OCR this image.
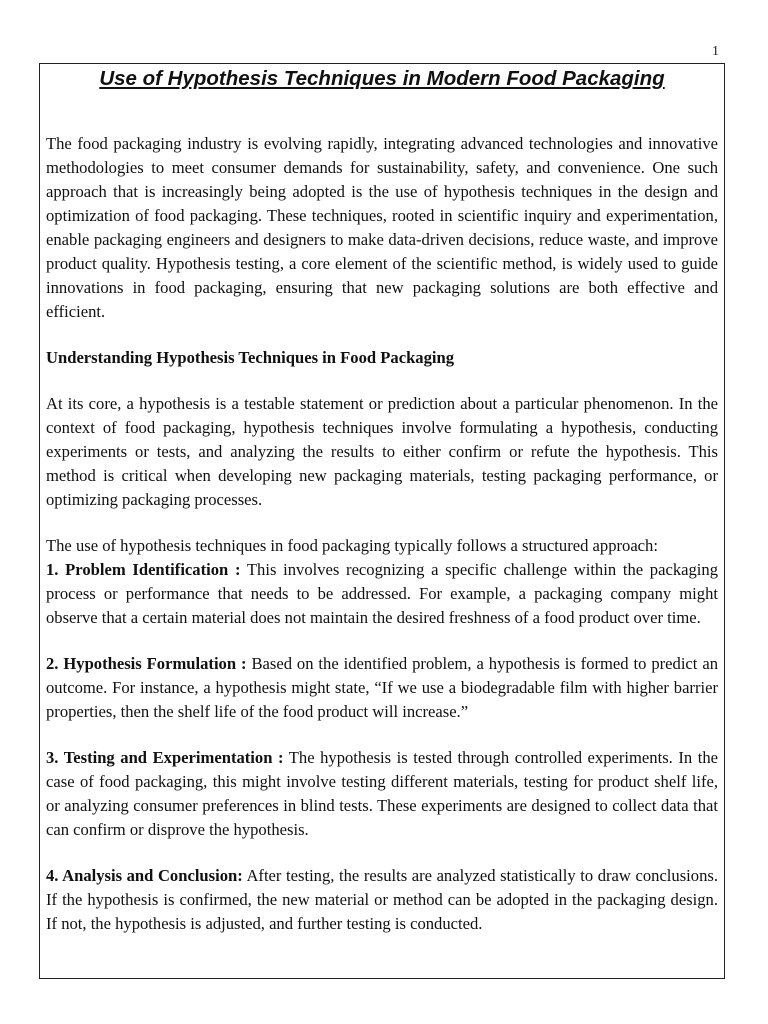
1
Use of Hypothesis Techniques in Modern Food Packaging

The food packaging industry is evolving rapidly, integrating advanced technologies and innovative methodologies to meet consumer demands for sustainability, safety, and convenience. One such approach that is increasingly being adopted is the use of hypothesis techniques in the design and optimization of food packaging. These techniques, rooted in scientific inquiry and experimentation, enable packaging engineers and designers to make data-driven decisions, reduce waste, and improve product quality. Hypothesis testing, a core element of the scientific method, is widely used to guide innovations in food packaging, ensuring that new packaging solutions are both effective and efficient.

Understanding Hypothesis Techniques in Food Packaging

At its core, a hypothesis is a testable statement or prediction about a particular phenomenon. In the context of food packaging, hypothesis techniques involve formulating a hypothesis, conducting experiments or tests, and analyzing the results to either confirm or refute the hypothesis. This method is critical when developing new packaging materials, testing packaging performance, or optimizing packaging processes.

The use of hypothesis techniques in food packaging typically follows a structured approach:

1. Problem Identification : This involves recognizing a specific challenge within the packaging process or performance that needs to be addressed. For example, a packaging company might observe that a certain material does not maintain the desired freshness of a food product over time.

2. Hypothesis Formulation : Based on the identified problem, a hypothesis is formed to predict an outcome. For instance, a hypothesis might state, “If we use a biodegradable film with higher barrier properties, then the shelf life of the food product will increase.”

3. Testing and Experimentation : The hypothesis is tested through controlled experiments. In the case of food packaging, this might involve testing different materials, testing for product shelf life, or analyzing consumer preferences in blind tests. These experiments are designed to collect data that can confirm or disprove the hypothesis.

4. Analysis and Conclusion: After testing, the results are analyzed statistically to draw conclusions. If the hypothesis is confirmed, the new material or method can be adopted in the packaging design. If not, the hypothesis is adjusted, and further testing is conducted.
